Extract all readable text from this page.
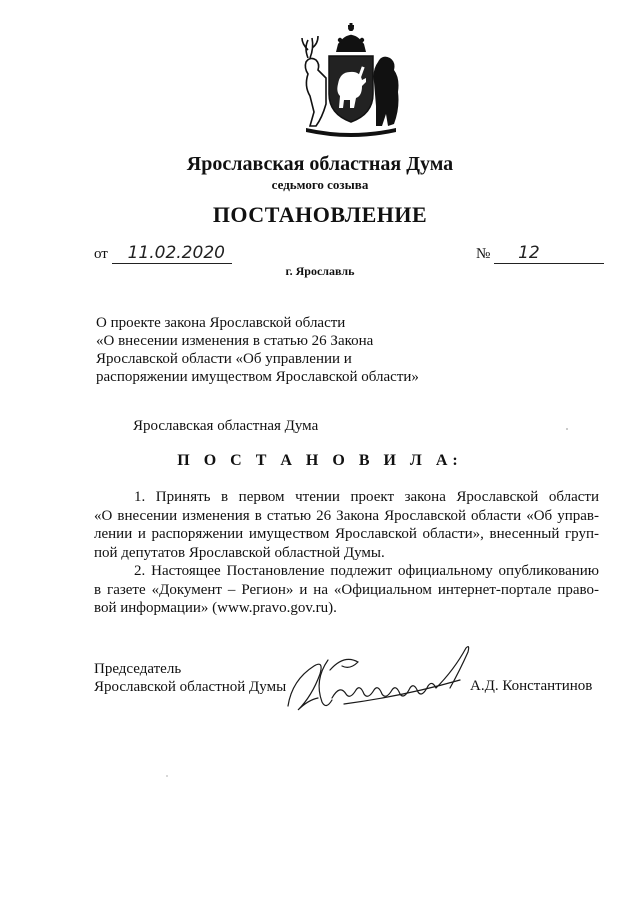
Ярославская областная Дума
седьмого созыва
ПОСТАНОВЛЕНИЕ
от 11.02.2020	№ 12
г. Ярославль
О проекте закона Ярославской области
«О внесении изменения в статью 26 Закона
Ярославской области «Об управлении и
распоряжении имуществом Ярославской области»
Ярославская областная Дума
П О С Т А Н О В И Л А:

1. Принять в первом чтении проект закона Ярославской области
«О внесении изменения в статью 26 Закона Ярославской области «Об управ-
лении и распоряжении имуществом Ярославской области», внесенный груп-
пой депутатов Ярославской областной Думы.

2. Настоящее Постановление подлежит официальному опубликованию
в газете «Документ – Регион» и на «Официальном интернет-портале право-
вой информации» (www.pravo.gov.ru).

Председатель
Ярославской областной Думы	А.Д. Константинов
